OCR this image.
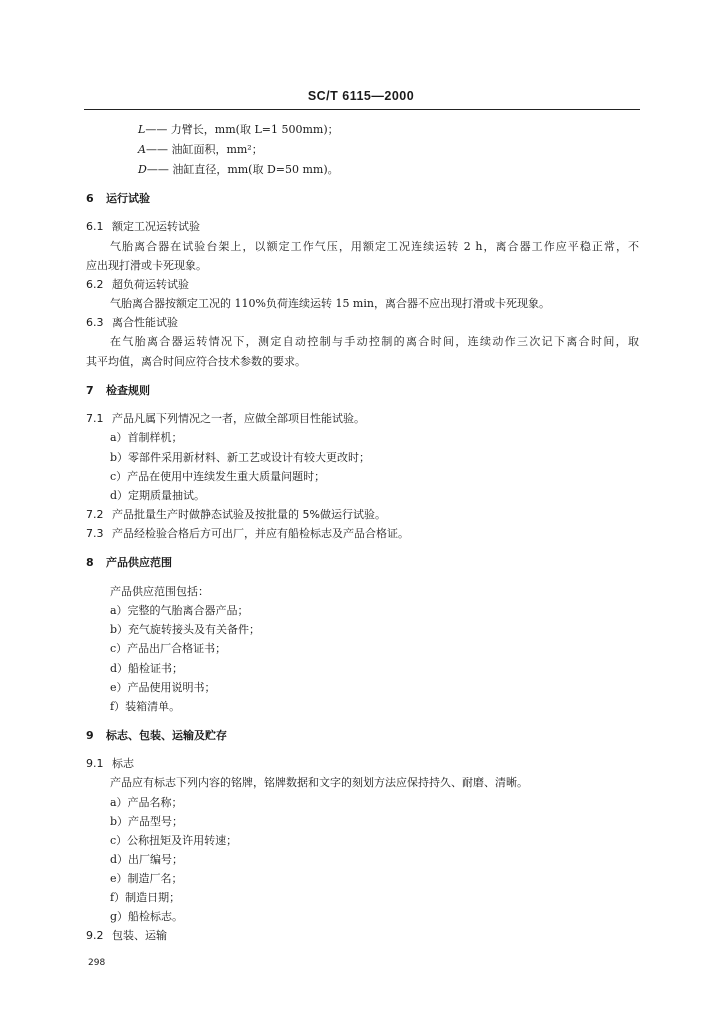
SC/T 6115—2000
L—— 力臂长，mm(取 L=1 500mm)；
A—— 油缸面积，mm²；
D—— 油缸直径，mm(取 D=50 mm)。
6 运行试验
6.1 额定工况运转试验
气胎离合器在试验台架上，以额定工作气压，用额定工况连续运转 2 h，离合器工作应平稳正常，不
应出现打滑或卡死现象。
6.2 超负荷运转试验
气胎离合器按额定工况的 110%负荷连续运转 15 min，离合器不应出现打滑或卡死现象。
6.3 离合性能试验
在气胎离合器运转情况下，测定自动控制与手动控制的离合时间，连续动作三次记下离合时间，取
其平均值，离合时间应符合技术参数的要求。
7 检查规则
7.1 产品凡属下列情况之一者，应做全部项目性能试验。
a）首制样机；
b）零部件采用新材料、新工艺或设计有较大更改时；
c）产品在使用中连续发生重大质量问题时；
d）定期质量抽试。
7.2 产品批量生产时做静态试验及按批量的 5%做运行试验。
7.3 产品经检验合格后方可出厂，并应有船检标志及产品合格证。
8 产品供应范围
产品供应范围包括：
a）完整的气胎离合器产品；
b）充气旋转接头及有关备件；
c）产品出厂合格证书；
d）船检证书；
e）产品使用说明书；
f）装箱清单。
9 标志、包装、运输及贮存
9.1 标志
产品应有标志下列内容的铭牌，铭牌数据和文字的刻划方法应保持持久、耐磨、清晰。
a）产品名称；
b）产品型号；
c）公称扭矩及许用转速；
d）出厂编号；
e）制造厂名；
f）制造日期；
g）船检标志。
9.2 包装、运输
298
